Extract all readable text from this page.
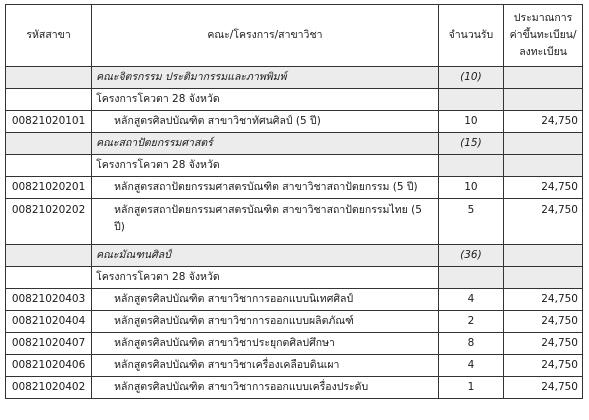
รหัสสาขา	คณะ/โครงการ/สาขาวิชา	จำนวนรับ	ประมาณการ ค่าขึ้นทะเบียน/ ลงทะเบียน
	คณะจิตรกรรม ประติมากรรมและภาพพิมพ์	(10)	
	โครงการโควตา 28 จังหวัด		
00821020101	หลักสูตรศิลปบัณฑิต สาขาวิชาทัศนศิลป์ (5 ปี)	10	24,750
	คณะสถาปัตยกรรมศาสตร์	(15)	
	โครงการโควตา 28 จังหวัด		
00821020201	หลักสูตรสถาปัตยกรรมศาสตรบัณฑิต สาขาวิชาสถาปัตยกรรม (5 ปี)	10	24,750
00821020202	หลักสูตรสถาปัตยกรรมศาสตรบัณฑิต สาขาวิชาสถาปัตยกรรมไทย (5 ปี)	5	24,750
	คณะมัณฑนศิลป์	(36)	
	โครงการโควตา 28 จังหวัด		
00821020403	หลักสูตรศิลปบัณฑิต สาขาวิชาการออกแบบนิเทศศิลป์	4	24,750
00821020404	หลักสูตรศิลปบัณฑิต สาขาวิชาการออกแบบผลิตภัณฑ์	2	24,750
00821020407	หลักสูตรศิลปบัณฑิต สาขาวิชาประยุกตศิลปศึกษา	8	24,750
00821020406	หลักสูตรศิลปบัณฑิต สาขาวิชาเครื่องเคลือบดินเผา	4	24,750
00821020402	หลักสูตรศิลปบัณฑิต สาขาวิชาการออกแบบเครื่องประดับ	1	24,750
